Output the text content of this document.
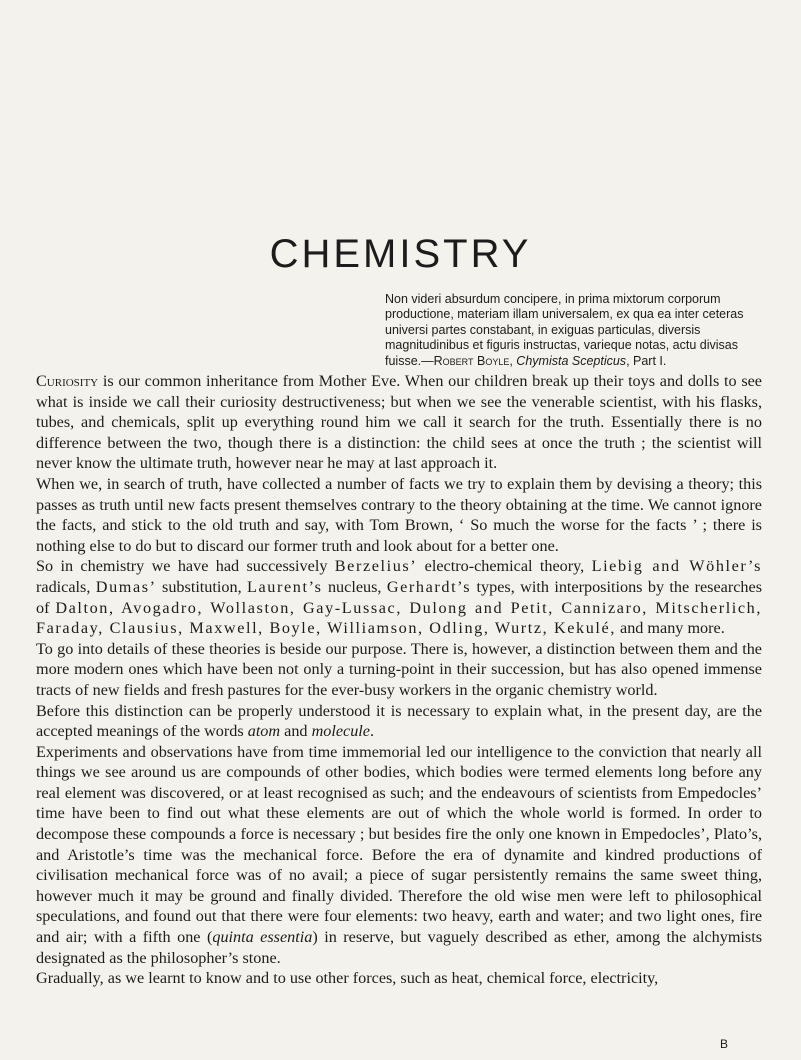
CHEMISTRY
Non videri absurdum concipere, in prima mixtorum corporum productione, materiam illam universalem, ex qua ea inter ceteras universi partes constabant, in exiguas particulas, diversis magnitudinibus et figuris instructas, varieque notas, actu divisas fuisse.—Robert Boyle, Chymista Scepticus, Part I.

Curiosity is our common inheritance from Mother Eve. When our children break up their toys and dolls to see what is inside we call their curiosity destructiveness; but when we see the venerable scientist, with his flasks, tubes, and chemicals, split up everything round him we call it search for the truth. Essentially there is no difference between the two, though there is a distinction: the child sees at once the truth ; the scientist will never know the ultimate truth, however near he may at last approach it.

When we, in search of truth, have collected a number of facts we try to explain them by devising a theory; this passes as truth until new facts present themselves contrary to the theory obtaining at the time. We cannot ignore the facts, and stick to the old truth and say, with Tom Brown, ‘ So much the worse for the facts ’ ; there is nothing else to do but to discard our former truth and look about for a better one.

So in chemistry we have had successively Berzelius’ electro-chemical theory, Liebig and Wöhler’s radicals, Dumas’ substitution, Laurent’s nucleus, Gerhardt’s types, with interpositions by the researches of Dalton, Avogadro, Wollaston, Gay-Lussac, Dulong and Petit, Cannizaro, Mitscherlich, Faraday, Clausius, Maxwell, Boyle, Williamson, Odling, Wurtz, Kekulé, and many more.

To go into details of these theories is beside our purpose. There is, however, a distinction between them and the more modern ones which have been not only a turning-point in their succession, but has also opened immense tracts of new fields and fresh pastures for the ever-busy workers in the organic chemistry world.

Before this distinction can be properly understood it is necessary to explain what, in the present day, are the accepted meanings of the words atom and molecule.

Experiments and observations have from time immemorial led our intelligence to the conviction that nearly all things we see around us are compounds of other bodies, which bodies were termed elements long before any real element was discovered, or at least recognised as such; and the endeavours of scientists from Empedocles’ time have been to find out what these elements are out of which the whole world is formed. In order to decompose these compounds a force is necessary ; but besides fire the only one known in Empedocles’, Plato’s, and Aristotle’s time was the mechanical force. Before the era of dynamite and kindred productions of civilisation mechanical force was of no avail; a piece of sugar persistently remains the same sweet thing, however much it may be ground and finally divided. Therefore the old wise men were left to philosophical speculations, and found out that there were four elements: two heavy, earth and water; and two light ones, fire and air; with a fifth one (quinta essentia) in reserve, but vaguely described as ether, among the alchymists designated as the philosopher’s stone.

Gradually, as we learnt to know and to use other forces, such as heat, chemical force, electricity,

B
